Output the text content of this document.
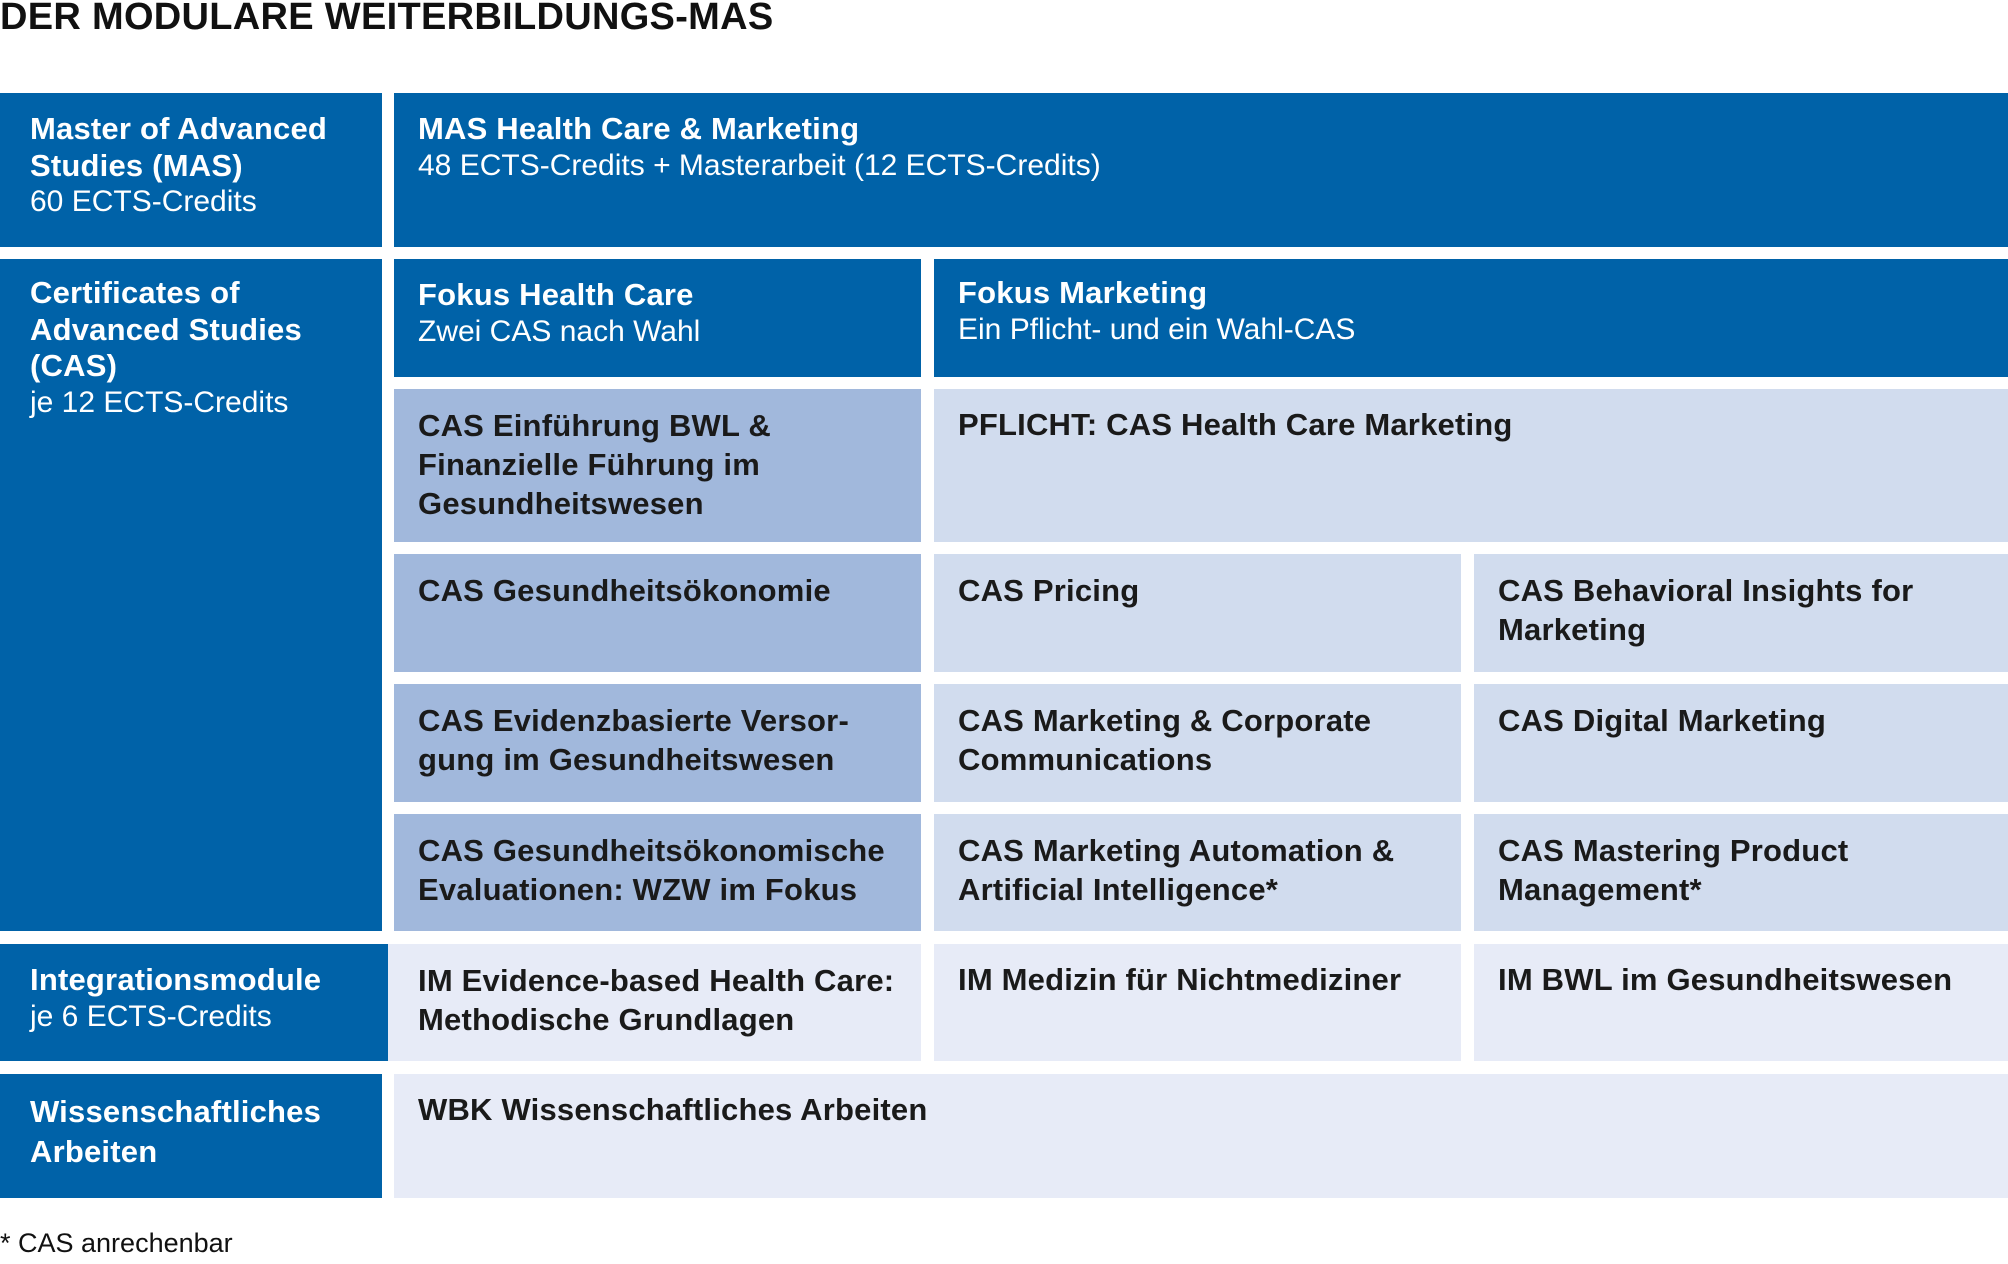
DER MODULARE WEITERBILDUNGS-MAS
Master of Advanced Studies (MAS)
60 ECTS-Credits
MAS Health Care & Marketing
48 ECTS-Credits + Masterarbeit (12 ECTS-Credits)
Certificates of Advanced Studies (CAS)
je 12 ECTS-Credits
Fokus Health Care
Zwei CAS nach Wahl
Fokus Marketing
Ein Pflicht- und ein Wahl-CAS
CAS Einführung BWL & Finanzielle Führung im Gesundheitswesen
CAS Gesundheitsökonomie
CAS Evidenzbasierte Versorgung im Gesundheitswesen
CAS Gesundheitsökonomische Evaluationen: WZW im Fokus
PFLICHT: CAS Health Care Marketing
CAS Pricing	CAS Behavioral Insights for Marketing
CAS Marketing & Corporate Communications
CAS Digital Marketing
CAS Marketing Automation & Artificial Intelligence*
CAS Mastering Product Management*
Integrationsmodule
je 6 ECTS-Credits
IM Evidence-based Health Care: Methodische Grundlagen
IM Medizin für Nichtmediziner	IM BWL im Gesundheitswesen
Wissenschaftliches Arbeiten
WBK Wissenschaftliches Arbeiten
* CAS anrechenbar
